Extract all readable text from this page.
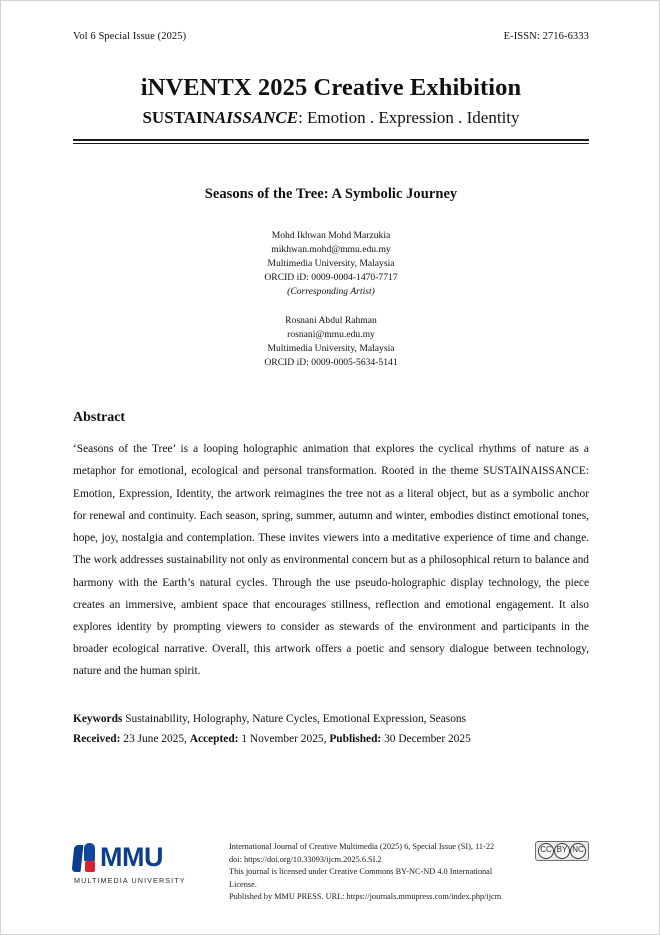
Vol 6 Special Issue (2025)	E-ISSN: 2716-6333
iNVENTX 2025 Creative Exhibition
SUSTAINAISSANCE: Emotion . Expression . Identity
Seasons of the Tree: A Symbolic Journey
Mohd Ikhwan Mohd Marzukia
mikhwan.mohd@mmu.edu.my
Multimedia University, Malaysia
ORCID iD: 0009-0004-1470-7717
(Corresponding Artist)
Rosnani Abdul Rahman
rosnani@mmu.edu.my
Multimedia University, Malaysia
ORCID iD: 0009-0005-5634-5141
Abstract
‘Seasons of the Tree’ is a looping holographic animation that explores the cyclical rhythms of nature as a metaphor for emotional, ecological and personal transformation. Rooted in the theme SUSTAINAISSANCE: Emotion, Expression, Identity, the artwork reimagines the tree not as a literal object, but as a symbolic anchor for renewal and continuity. Each season, spring, summer, autumn and winter, embodies distinct emotional tones, hope, joy, nostalgia and contemplation. These invites viewers into a meditative experience of time and change. The work addresses sustainability not only as environmental concern but as a philosophical return to balance and harmony with the Earth’s natural cycles. Through the use pseudo-holographic display technology, the piece creates an immersive, ambient space that encourages stillness, reflection and emotional engagement. It also explores identity by prompting viewers to consider as stewards of the environment and participants in the broader ecological narrative. Overall, this artwork offers a poetic and sensory dialogue between technology, nature and the human spirit.
Keywords Sustainability, Holography, Nature Cycles, Emotional Expression, Seasons
Received: 23 June 2025, Accepted: 1 November 2025, Published: 30 December 2025
MMU
MULTIMEDIA UNIVERSITY
International Journal of Creative Multimedia (2025) 6, Special Issue (SI), 11-22
doi: https://doi.org/10.33093/ijcm.2025.6.SI.2
This journal is licensed under Creative Commons BY-NC-ND 4.0 International License.
Published by MMU PRESS. URL: https://journals.mmupress.com/index.php/ijcm
CC BY NC
